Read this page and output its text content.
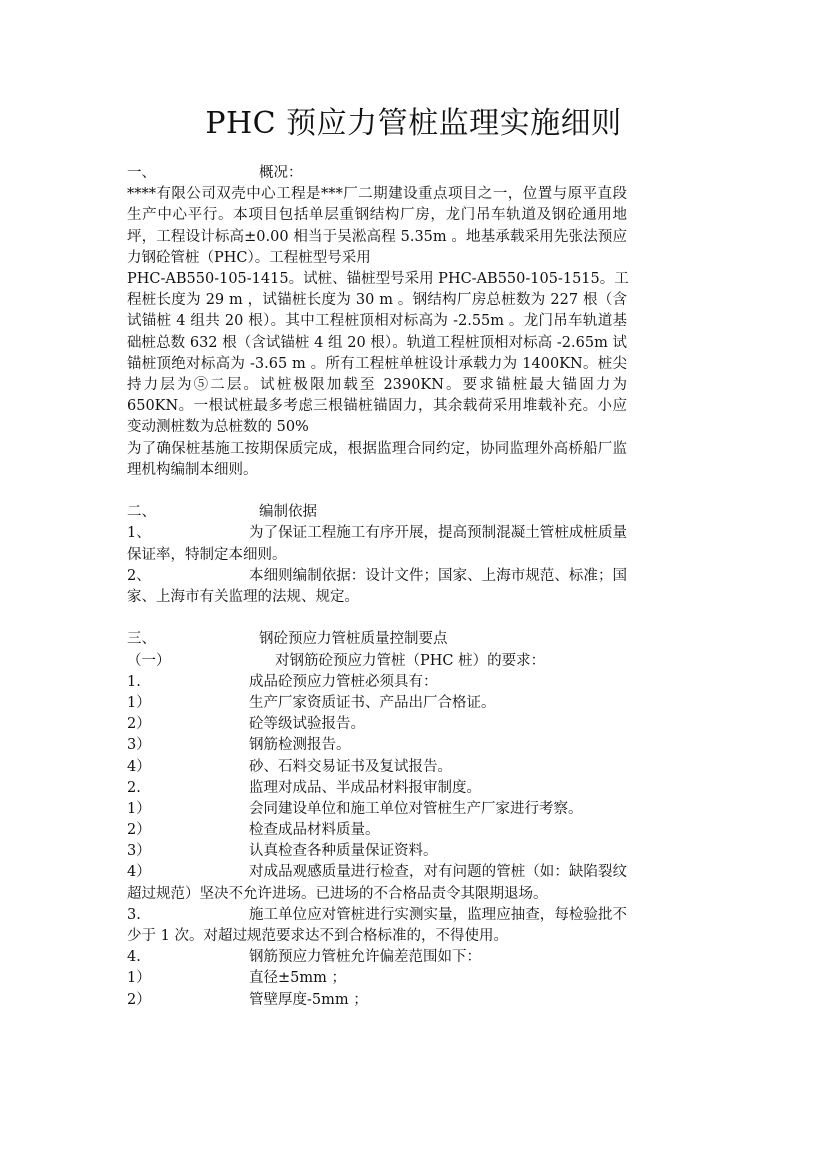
PHC 预应力管桩监理实施细则
一、	概况：

****有限公司双壳中心工程是***厂二期建设重点项目之一，位置与原平直段生产中心平行。本项目包括单层重钢结构厂房，龙门吊车轨道及钢砼通用地坪，工程设计标高±0.00 相当于吴淞高程 5.35m 。地基承载采用先张法预应力钢砼管桩（PHC）。工程桩型号采用

PHC-AB550-105-1415。试桩、锚桩型号采用 PHC-AB550-105-1515。工

程桩长度为 29 m ，试锚桩长度为 30 m 。钢结构厂房总桩数为 227 根（含试锚桩 4 组共 20 根）。其中工程桩顶相对标高为 -2.55m 。龙门吊车轨道基础桩总数 632 根（含试锚桩 4 组 20 根）。轨道工程桩顶相对标高 -2.65m 试锚桩顶绝对标高为 -3.65 m 。所有工程桩单桩设计承载力为 1400KN。桩尖持力层为⑤二层。试桩极限加载至 2390KN。要求锚桩最大锚固力为 650KN。一根试桩最多考虑三根锚桩锚固力，其余载荷采用堆载补充。小应变动测桩数为总桩数的 50%

为了确保桩基施工按期保质完成，根据监理合同约定，协同监理外高桥船厂监理机构编制本细则。

二、	编制依据

1、	为了保证工程施工有序开展，提高预制混凝土管桩成桩质量保证率，特制定本细则。

2、	本细则编制依据：设计文件；国家、上海市规范、标准；国家、上海市有关监理的法规、规定。

三、	钢砼预应力管桩质量控制要点
（一）	对钢筋砼预应力管桩（PHC 桩）的要求：
1.	成品砼预应力管桩必须具有：
1）	生产厂家资质证书、产品出厂合格证。
2）	砼等级试验报告。
3）	钢筋检测报告。
4）	砂、石料交易证书及复试报告。
2.	监理对成品、半成品材料报审制度。
1）	会同建设单位和施工单位对管桩生产厂家进行考察。
2）	检查成品材料质量。
3）	认真检查各种质量保证资料。

4）	对成品观感质量进行检查，对有问题的管桩（如：缺陷裂纹超过规范）坚决不允许进场。已进场的不合格品责令其限期退场。

3.	施工单位应对管桩进行实测实量，监理应抽查，每检验批不少于 1 次。对超过规范要求达不到合格标准的，不得使用。

4.	钢筋预应力管桩允许偏差范围如下：
1）	直径±5mm ；
2）	管壁厚度-5mm ；
